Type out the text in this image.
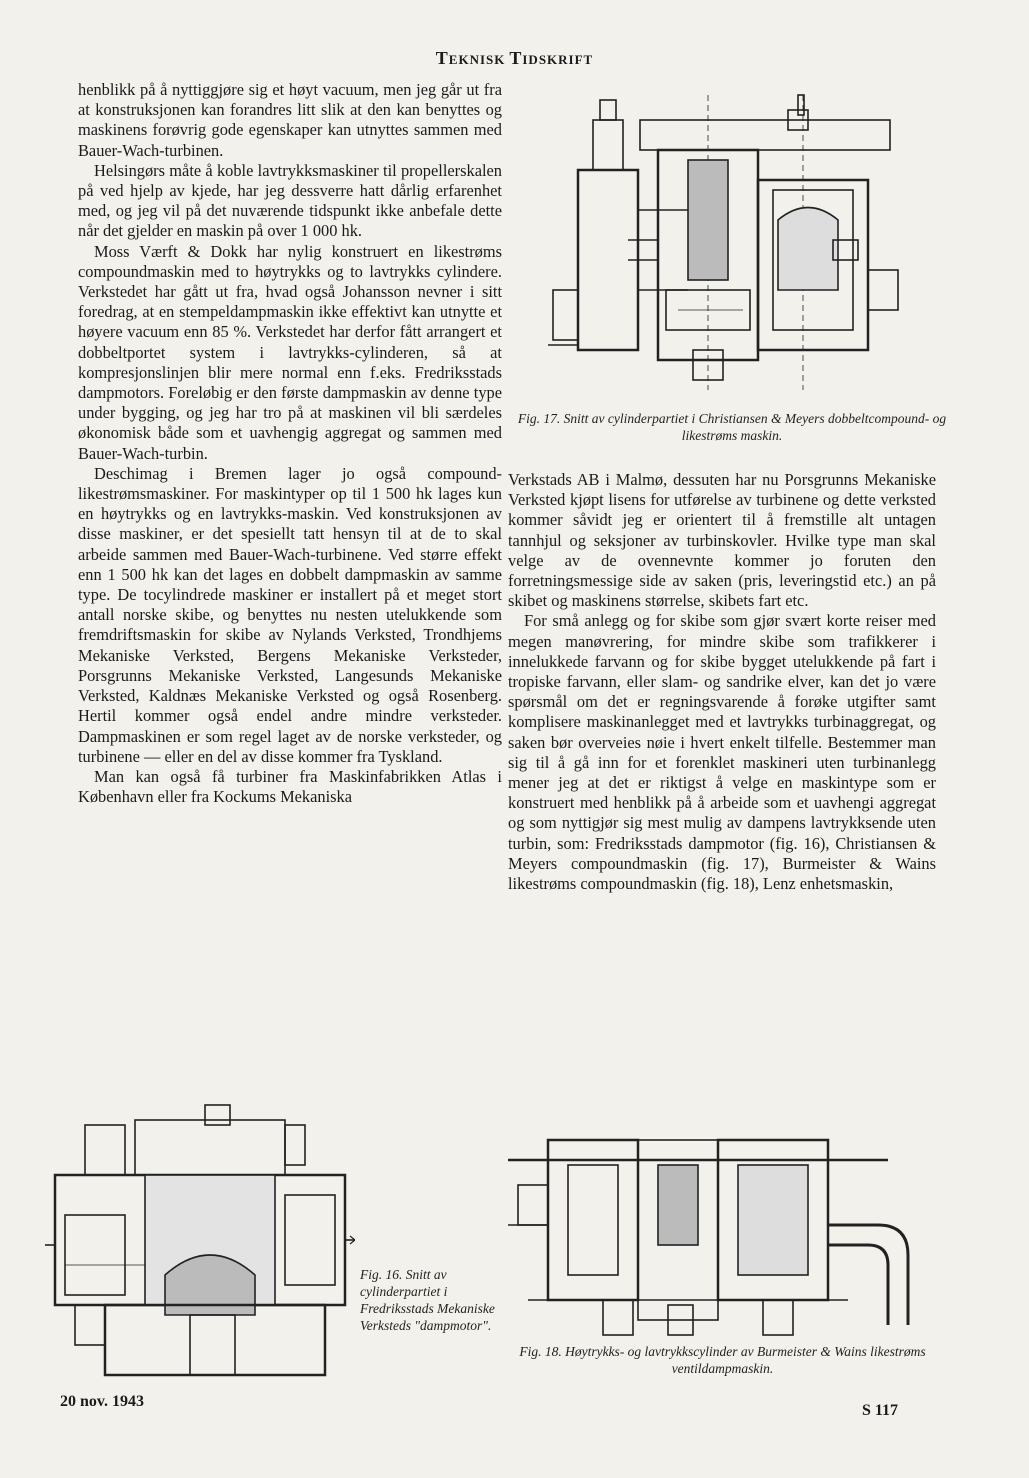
Teknisk Tidskrift

henblikk på å nyttiggjøre sig et høyt vacuum, men jeg går ut fra at konstruksjonen kan forandres litt slik at den kan benyttes og maskinens forøvrig gode egenskaper kan utnyttes sammen med Bauer-Wach-turbinen.

Helsingørs måte å koble lavtrykksmaskiner til propellerskalen på ved hjelp av kjede, har jeg dessverre hatt dårlig erfarenhet med, og jeg vil på det nuværende tidspunkt ikke anbefale dette når det gjelder en maskin på over 1 000 hk.

Moss Værft & Dokk har nylig konstruert en likestrøms compoundmaskin med to høytrykks og to lavtrykks cylindere. Verkstedet har gått ut fra, hvad også Johansson nevner i sitt foredrag, at en stempeldampmaskin ikke effektivt kan utnytte et høyere vacuum enn 85 %. Verkstedet har derfor fått arrangert et dobbeltportet system i lavtrykks-cylinderen, så at kompresjonslinjen blir mere normal enn f.eks. Fredriksstads dampmotors. Foreløbig er den første dampmaskin av denne type under bygging, og jeg har tro på at maskinen vil bli særdeles økonomisk både som et uavhengig aggregat og sammen med Bauer-Wach-turbin.

Deschimag i Bremen lager jo også compound-likestrømsmaskiner. For maskintyper op til 1 500 hk lages kun en høytrykks og en lavtrykks-maskin. Ved konstruksjonen av disse maskiner, er det spesiellt tatt hensyn til at de to skal arbeide sammen med Bauer-Wach-turbinene. Ved større effekt enn 1 500 hk kan det lages en dobbelt dampmaskin av samme type. De tocylindrede maskiner er installert på et meget stort antall norske skibe, og benyttes nu nesten utelukkende som fremdriftsmaskin for skibe av Nylands Verksted, Trondhjems Mekaniske Verksted, Bergens Mekaniske Verksteder, Porsgrunns Mekaniske Verksted, Langesunds Mekaniske Verksted, Kaldnæs Mekaniske Verksted og også Rosenberg. Hertil kommer også endel andre mindre verksteder. Dampmaskinen er som regel laget av de norske verksteder, og turbinene — eller en del av disse kommer fra Tyskland.

Man kan også få turbiner fra Maskinfabrikken Atlas i København eller fra Kockums Mekaniska

Fig. 17. Snitt av cylinderpartiet i Christiansen & Meyers dobbeltcompound- og likestrøms maskin.

Verkstads AB i Malmø, dessuten har nu Porsgrunns Mekaniske Verksted kjøpt lisens for utførelse av turbinene og dette verksted kommer såvidt jeg er orientert til å fremstille alt untagen tannhjul og seksjoner av turbinskovler. Hvilke type man skal velge av de ovennevnte kommer jo foruten den forretningsmessige side av saken (pris, leveringstid etc.) an på skibet og maskinens størrelse, skibets fart etc.

For små anlegg og for skibe som gjør svært korte reiser med megen manøvrering, for mindre skibe som trafikkerer i innelukkede farvann og for skibe bygget utelukkende på fart i tropiske farvann, eller slam- og sandrike elver, kan det jo være spørsmål om det er regningsvarende å forøke utgifter samt komplisere maskinanlegget med et lavtrykks turbinaggregat, og saken bør overveies nøie i hvert enkelt tilfelle. Bestemmer man sig til å gå inn for et forenklet maskineri uten turbinanlegg mener jeg at det er riktigst å velge en maskintype som er konstruert med henblikk på å arbeide som et uavhengi aggregat og som nyttigjør sig mest mulig av dampens lavtrykksende uten turbin, som: Fredriksstads dampmotor (fig. 16), Christiansen & Meyers compoundmaskin (fig. 17), Burmeister & Wains likestrøms compoundmaskin (fig. 18), Lenz enhetsmaskin,

Fig. 16. Snitt av cylinderpartiet i Fredriksstads Mekaniske Verksteds "dampmotor".
Fig. 18. Høytrykks- og lavtrykkscylinder av Burmeister & Wains likestrøms ventildampmaskin.
20 nov. 1943
S 117
